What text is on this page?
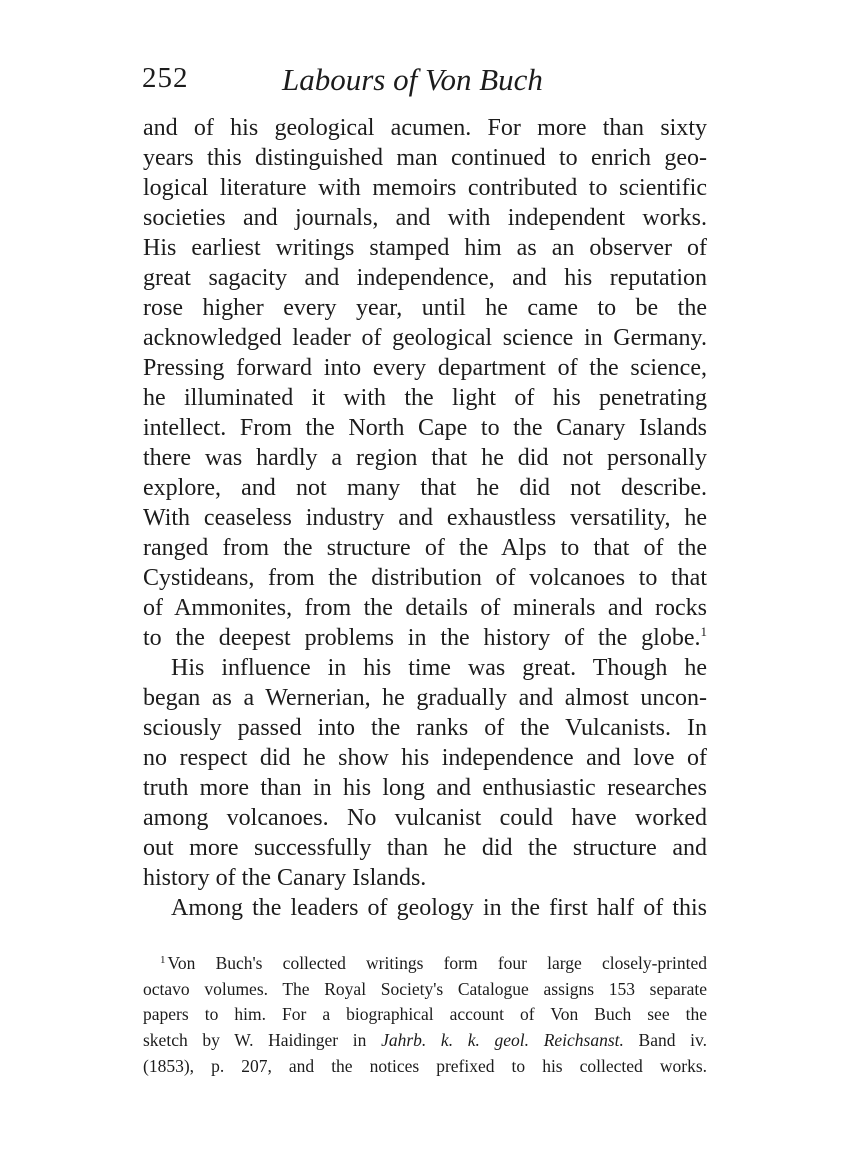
252	Labours of Von Buch
and of his geological acumen. For more than sixty
years this distinguished man continued to enrich geo-
logical literature with memoirs contributed to scientific
societies and journals, and with independent works.
His earliest writings stamped him as an observer of
great sagacity and independence, and his reputation
rose higher every year, until he came to be the
acknowledged leader of geological science in Germany.
Pressing forward into every department of the science,
he illuminated it with the light of his penetrating
intellect. From the North Cape to the Canary Islands
there was hardly a region that he did not personally
explore, and not many that he did not describe.
With ceaseless industry and exhaustless versatility, he
ranged from the structure of the Alps to that of the
Cystideans, from the distribution of volcanoes to that
of Ammonites, from the details of minerals and rocks
to the deepest problems in the history of the globe.$^1$
His influence in his time was great. Though he
began as a Wernerian, he gradually and almost uncon-
sciously passed into the ranks of the Vulcanists. In
no respect did he show his independence and love of
truth more than in his long and enthusiastic researches
among volcanoes. No vulcanist could have worked
out more successfully than he did the structure and
history of the Canary Islands.
Among the leaders of geology in the first half of this
$^1$ Von Buch's collected writings form four large closely-printed
octavo volumes. The Royal Society's Catalogue assigns 153 separate
papers to him. For a biographical account of Von Buch see the
sketch by W. Haidinger in Jahrb. k. k. geol. Reichsanst. Band iv.
(1853), p. 207, and the notices prefixed to his collected works.
